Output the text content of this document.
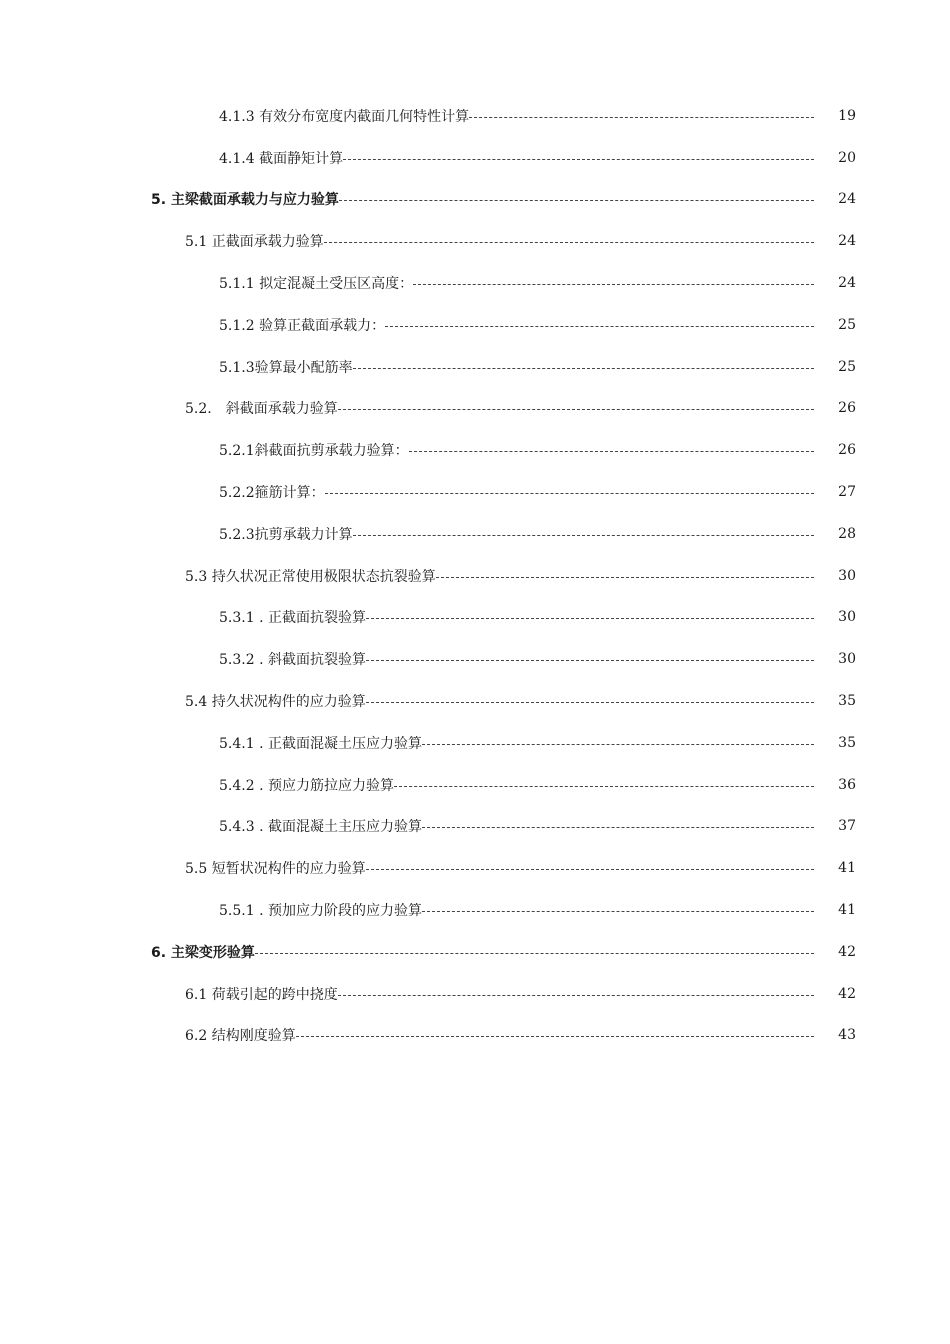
4.1.3 有效分布宽度内截面几何特性计算	19
4.1.4 截面静矩计算	20
5. 主梁截面承载力与应力验算	24
5.1 正截面承载力验算	24
5.1.1 拟定混凝土受压区高度：	24
5.1.2 验算正截面承载力：	25
5.1.3验算最小配筋率	25
5.2.　斜截面承载力验算	26
5.2.1斜截面抗剪承载力验算：	26
5.2.2箍筋计算：	27
5.2.3抗剪承载力计算	28
5.3 持久状况正常使用极限状态抗裂验算	30
5.3.1 . 正截面抗裂验算	30
5.3.2 . 斜截面抗裂验算	30
5.4 持久状况构件的应力验算	35
5.4.1 . 正截面混凝土压应力验算	35
5.4.2 . 预应力筋拉应力验算	36
5.4.3 . 截面混凝土主压应力验算	37
5.5 短暂状况构件的应力验算	41
5.5.1 . 预加应力阶段的应力验算	41
6. 主梁变形验算	42
6.1 荷载引起的跨中挠度	42
6.2 结构刚度验算	43
